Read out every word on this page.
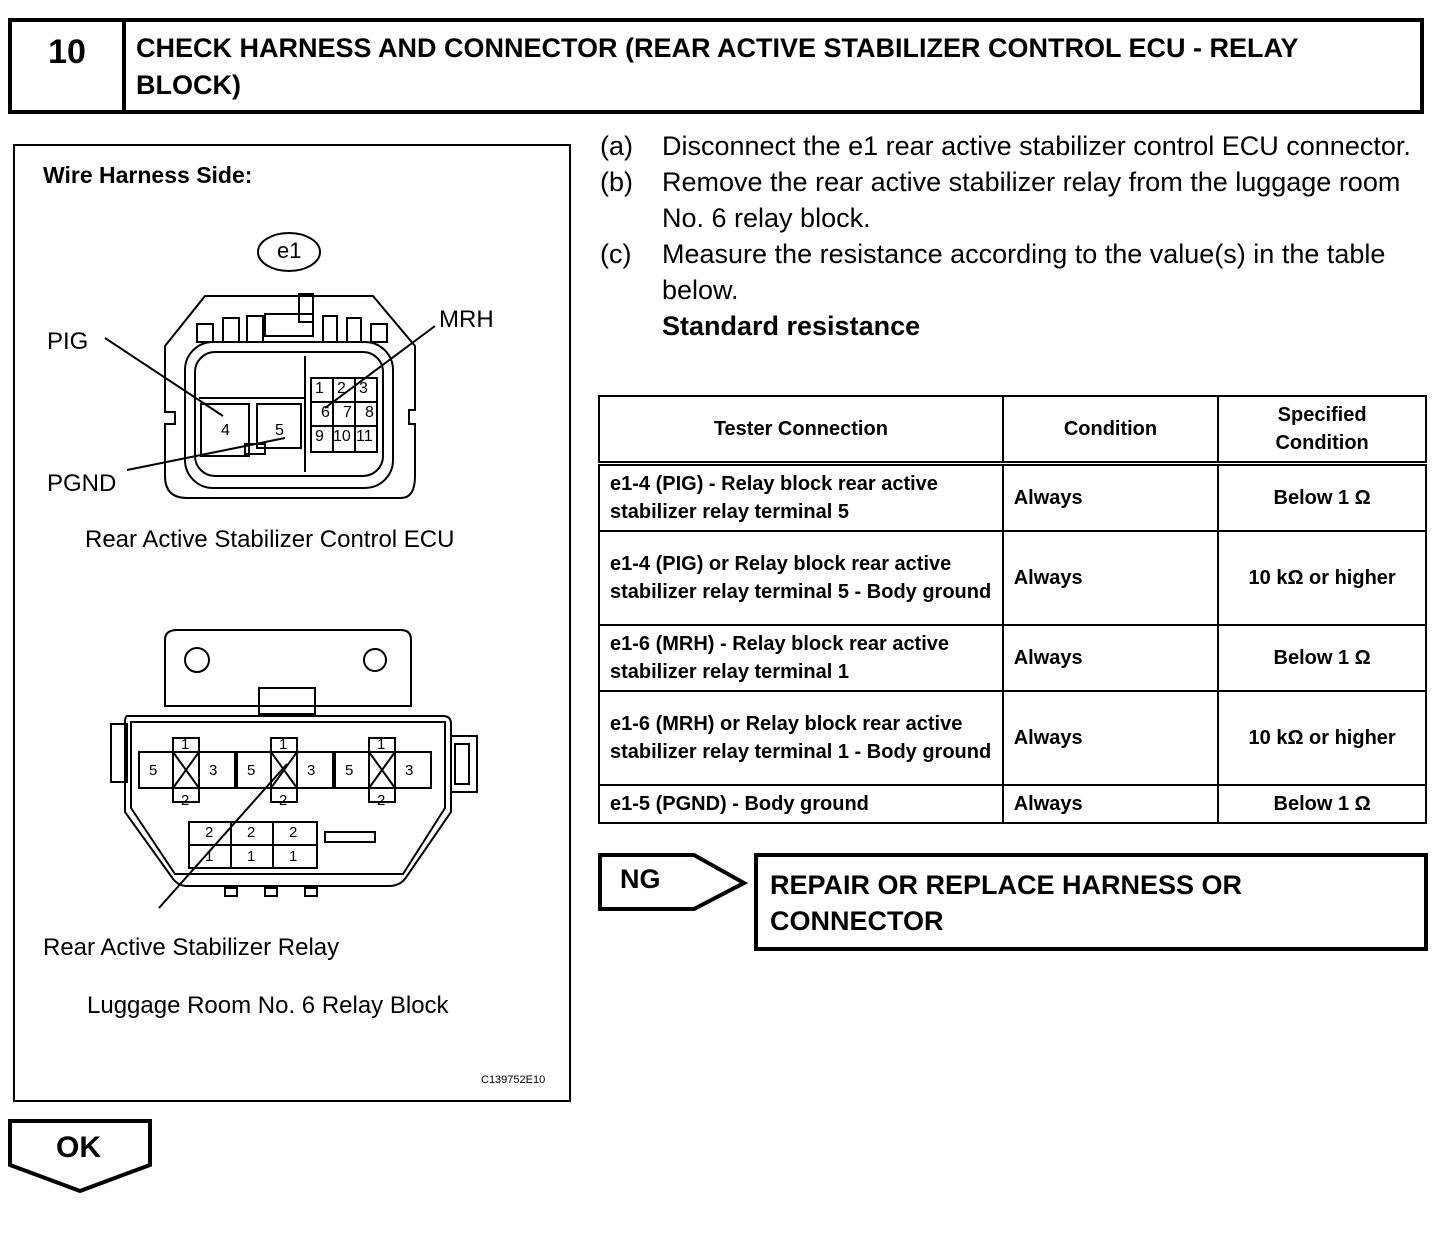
10	CHECK HARNESS AND CONNECTOR (REAR ACTIVE STABILIZER CONTROL ECU - RELAY BLOCK)
Wire Harness Side:
e1
PIG
MRH
PGND
1 2 3
4	5
6 7 8
9 10 11
Rear Active Stabilizer Control ECU
1
2
5	3
1
2
5	3
1
2
5	3
2
1
2
1
2
1
Rear Active Stabilizer Relay
Luggage Room No. 6 Relay Block
C139752E10
(a) Disconnect the e1 rear active stabilizer control ECU connector.
(b) Remove the rear active stabilizer relay from the luggage room No. 6 relay block.
(c) Measure the resistance according to the value(s) in the table below.
Standard resistance
Tester Connection	Condition	Specified Condition
e1-4 (PIG) - Relay block rear active stabilizer relay terminal 5	Always	Below 1 Ω
e1-4 (PIG) or Relay block rear active stabilizer relay terminal 5 - Body ground	Always	10 kΩ or higher
e1-6 (MRH) - Relay block rear active stabilizer relay terminal 1	Always	Below 1 Ω
e1-6 (MRH) or Relay block rear active stabilizer relay terminal 1 - Body ground	Always	10 kΩ or higher
e1-5 (PGND) - Body ground	Always	Below 1 Ω
NG	REPAIR OR REPLACE HARNESS OR CONNECTOR
OK
